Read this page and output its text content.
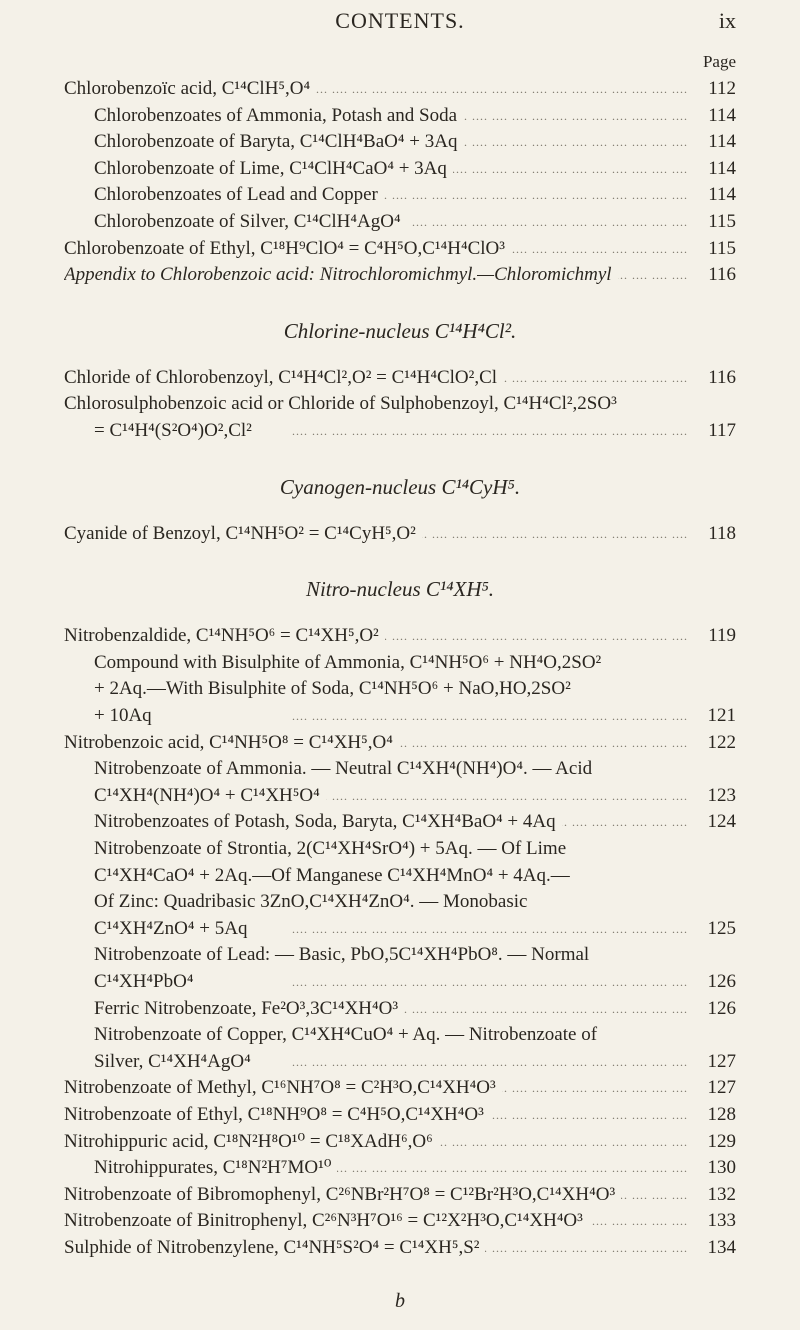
CONTENTS.	ix
Page
.... Chlorobenzoïc acid, C¹⁴ClH⁵,O⁴	112
.... Chlorobenzoates of Ammonia, Potash and Soda	114
.... Chlorobenzoate of Baryta, C¹⁴ClH⁴BaO⁴ + 3Aq	114
.... Chlorobenzoate of Lime, C¹⁴ClH⁴CaO⁴ + 3Aq	114
.... Chlorobenzoates of Lead and Copper	114
.... Chlorobenzoate of Silver, C¹⁴ClH⁴AgO⁴	115
.... Chlorobenzoate of Ethyl, C¹⁸H⁹ClO⁴ = C⁴H⁵O,C¹⁴H⁴ClO³	115
.... Appendix to Chlorobenzoic acid: Nitrochloromichmyl.—Chloromichmyl	116
Chlorine-nucleus C¹⁴H⁴Cl².
.... Chloride of Chlorobenzoyl, C¹⁴H⁴Cl²,O² = C¹⁴H⁴ClO²,Cl	116
Chlorosulphobenzoic acid or Chloride of Sulphobenzoyl, C¹⁴H⁴Cl²,2SO³
.... = C¹⁴H⁴(S²O⁴)O²,Cl²	117
Cyanogen-nucleus C¹⁴CyH⁵.
.... Cyanide of Benzoyl, C¹⁴NH⁵O² = C¹⁴CyH⁵,O²	118
Nitro-nucleus C¹⁴XH⁵.
.... Nitrobenzaldide, C¹⁴NH⁵O⁶ = C¹⁴XH⁵,O²	119
Compound with Bisulphite of Ammonia, C¹⁴NH⁵O⁶ + NH⁴O,2SO²
+ 2Aq.—With Bisulphite of Soda, C¹⁴NH⁵O⁶ + NaO,HO,2SO²
.... + 10Aq	121
.... Nitrobenzoic acid, C¹⁴NH⁵O⁸ = C¹⁴XH⁵,O⁴	122
Nitrobenzoate of Ammonia. — Neutral C¹⁴XH⁴(NH⁴)O⁴. — Acid
.... C¹⁴XH⁴(NH⁴)O⁴ + C¹⁴XH⁵O⁴	123
.... Nitrobenzoates of Potash, Soda, Baryta, C¹⁴XH⁴BaO⁴ + 4Aq	124
Nitrobenzoate of Strontia, 2(C¹⁴XH⁴SrO⁴) + 5Aq. — Of Lime
C¹⁴XH⁴CaO⁴ + 2Aq.—Of Manganese C¹⁴XH⁴MnO⁴ + 4Aq.—
Of Zinc: Quadribasic 3ZnO,C¹⁴XH⁴ZnO⁴. — Monobasic
.... C¹⁴XH⁴ZnO⁴ + 5Aq	125
Nitrobenzoate of Lead: — Basic, PbO,5C¹⁴XH⁴PbO⁸. — Normal
.... C¹⁴XH⁴PbO⁴	126
.... Ferric Nitrobenzoate, Fe²O³,3C¹⁴XH⁴O³	126
Nitrobenzoate of Copper, C¹⁴XH⁴CuO⁴ + Aq. — Nitrobenzoate of
.... Silver, C¹⁴XH⁴AgO⁴	127
.... Nitrobenzoate of Methyl, C¹⁶NH⁷O⁸ = C²H³O,C¹⁴XH⁴O³	127
.... Nitrobenzoate of Ethyl, C¹⁸NH⁹O⁸ = C⁴H⁵O,C¹⁴XH⁴O³	128
.... Nitrohippuric acid, C¹⁸N²H⁸O¹⁰ = C¹⁸XAdH⁶,O⁶	129
.... Nitrohippurates, C¹⁸N²H⁷MO¹⁰	130
.... Nitrobenzoate of Bibromophenyl, C²⁶NBr²H⁷O⁸ = C¹²Br²H³O,C¹⁴XH⁴O³	132
.... Nitrobenzoate of Binitrophenyl, C²⁶N³H⁷O¹⁶ = C¹²X²H³O,C¹⁴XH⁴O³	133
.... Sulphide of Nitrobenzylene, C¹⁴NH⁵S²O⁴ = C¹⁴XH⁵,S²	134
b
